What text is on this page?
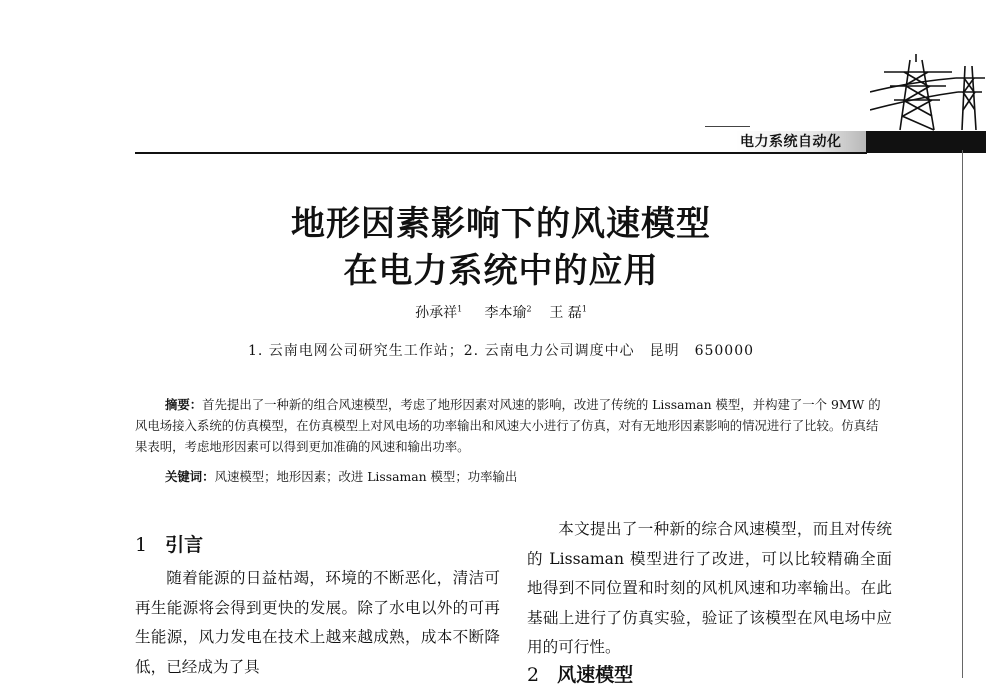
电力系统自动化
地形因素影响下的风速模型
在电力系统中的应用
孙承祥$^1$ 李本瑜$^2$ 王 磊$^1$
1. 云南电网公司研究生工作站；2. 云南电力公司调度中心　昆明　650000
摘要：首先提出了一种新的组合风速模型，考虑了地形因素对风速的影响，改进了传统的 Lissaman 模型，并构建了一个 9MW 的风电场接入系统的仿真模型，在仿真模型上对风电场的功率输出和风速大小进行了仿真，对有无地形因素影响的情况进行了比较。仿真结果表明，考虑地形因素可以得到更加准确的风速和输出功率。
关键词：风速模型；地形因素；改进 Lissaman 模型；功率输出
1 引言

随着能源的日益枯竭，环境的不断恶化，清洁可再生能源将会得到更快的发展。除了水电以外的可再生能源，风力发电在技术上越来越成熟，成本不断降低，已经成为了具

本文提出了一种新的综合风速模型，而且对传统的 Lissaman 模型进行了改进，可以比较精确全面地得到不同位置和时刻的风机风速和功率输出。在此基础上进行了仿真实验，验证了该模型在风电场中应用的可行性。

2 风速模型
